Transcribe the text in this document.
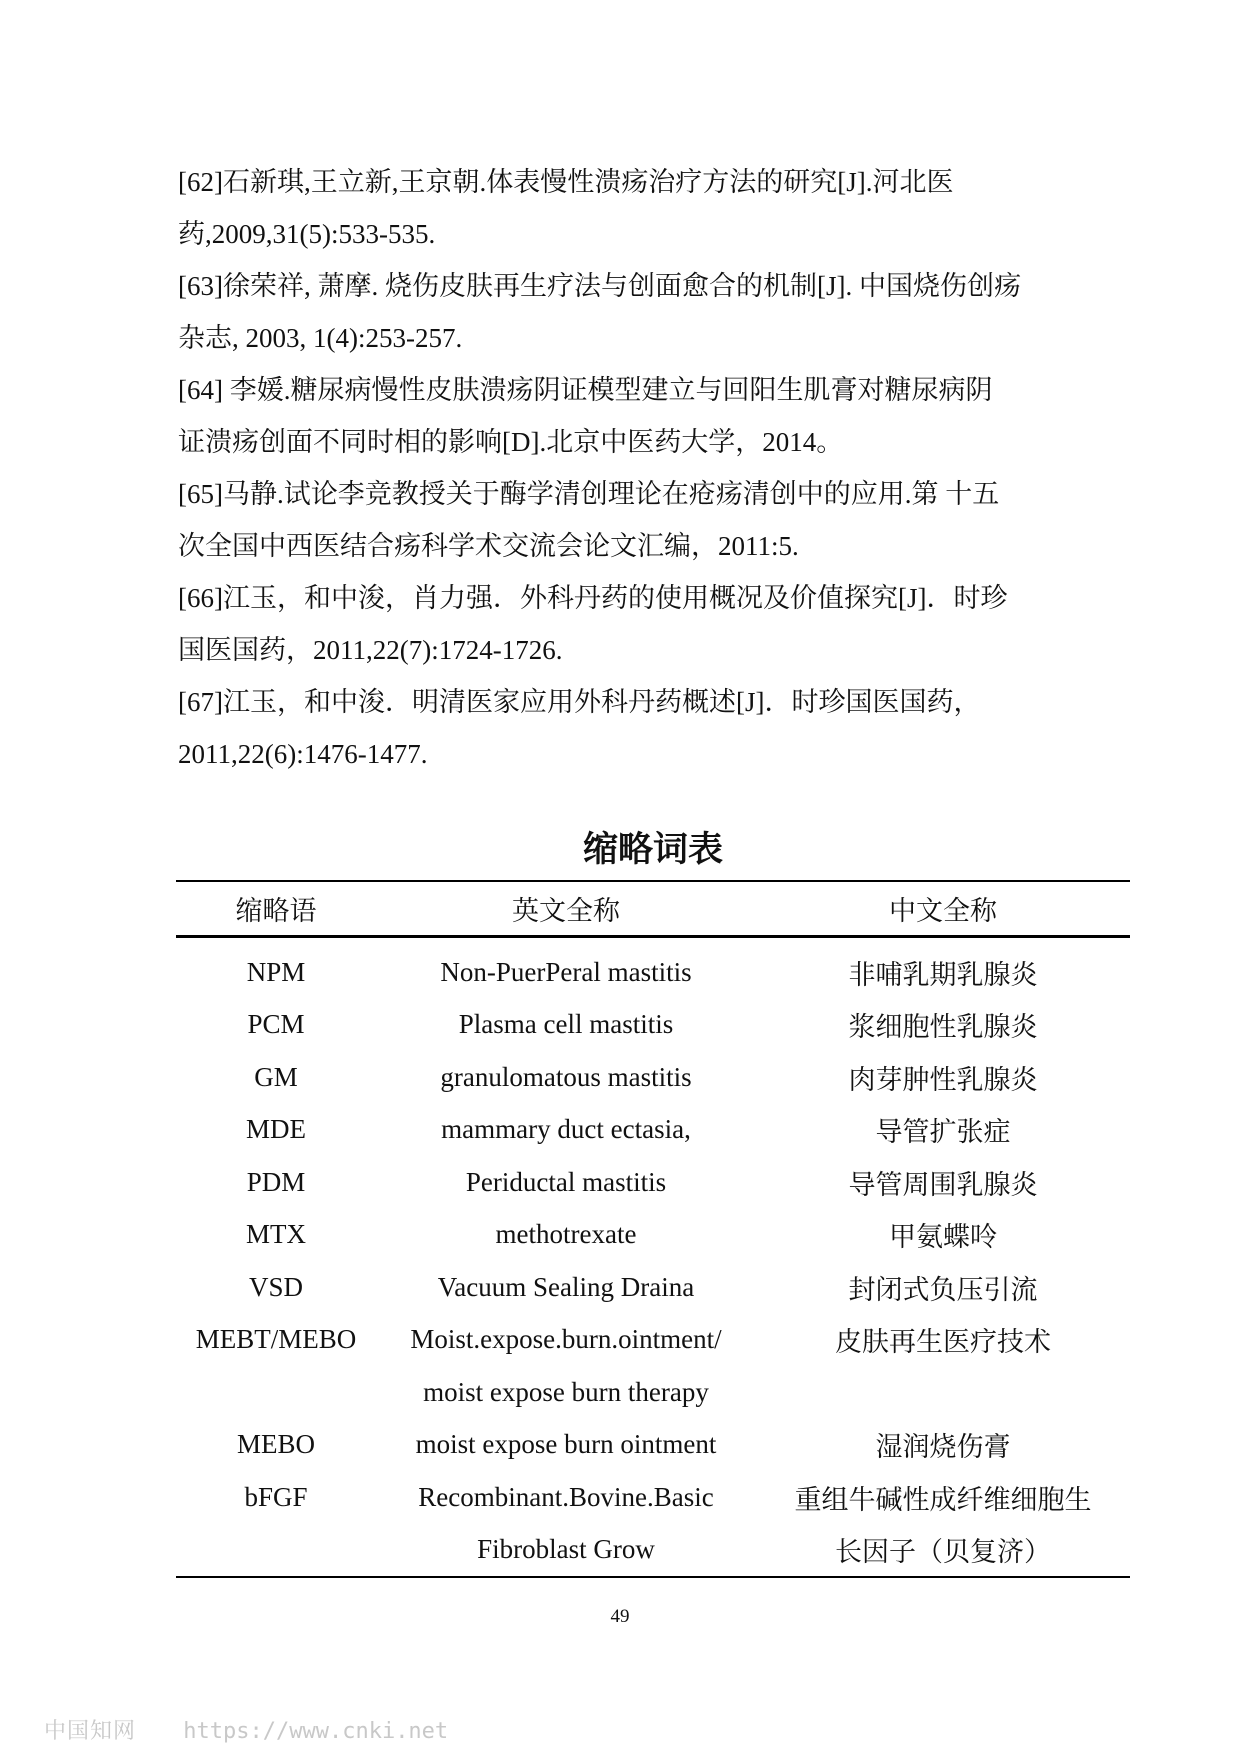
[62]石新琪,王立新,王京朝.体表慢性溃疡治疗方法的研究[J].河北医

药,2009,31(5):533-535.

[63]徐荣祥, 萧摩. 烧伤皮肤再生疗法与创面愈合的机制[J]. 中国烧伤创疡

杂志, 2003, 1(4):253-257.

[64] 李媛.糖尿病慢性皮肤溃疡阴证模型建立与回阳生肌膏对糖尿病阴

证溃疡创面不同时相的影响[D].北京中医药大学，2014。

[65]马静.试论李竞教授关于酶学清创理论在疮疡清创中的应用.第 十五

次全国中西医结合疡科学术交流会论文汇编，2011:5.

[66]江玉，和中浚，肖力强．外科丹药的使用概况及价值探究[J]．时珍

国医国药，2011,22(7):1724-1726.

[67]江玉，和中浚．明清医家应用外科丹药概述[J]．时珍国医国药，

2011,22(6):1476-1477.

缩略词表
缩略语	英文全称	中文全称
NPM	Non-PuerPeral mastitis	非哺乳期乳腺炎
PCM	Plasma cell mastitis	浆细胞性乳腺炎
GM	granulomatous mastitis	肉芽肿性乳腺炎
MDE	mammary duct ectasia,	导管扩张症
PDM	Periductal mastitis	导管周围乳腺炎
MTX	methotrexate	甲氨蝶呤
VSD	Vacuum Sealing Draina	封闭式负压引流
MEBT/MEBO	Moist.expose.burn.ointment/	皮肤再生医疗技术
	moist expose burn therapy	
MEBO	moist expose burn ointment	湿润烧伤膏
bFGF	Recombinant.Bovine.Basic	重组牛碱性成纤维细胞生
	Fibroblast Grow	长因子（贝复济）
49
中国知网 https://www.cnki.net
